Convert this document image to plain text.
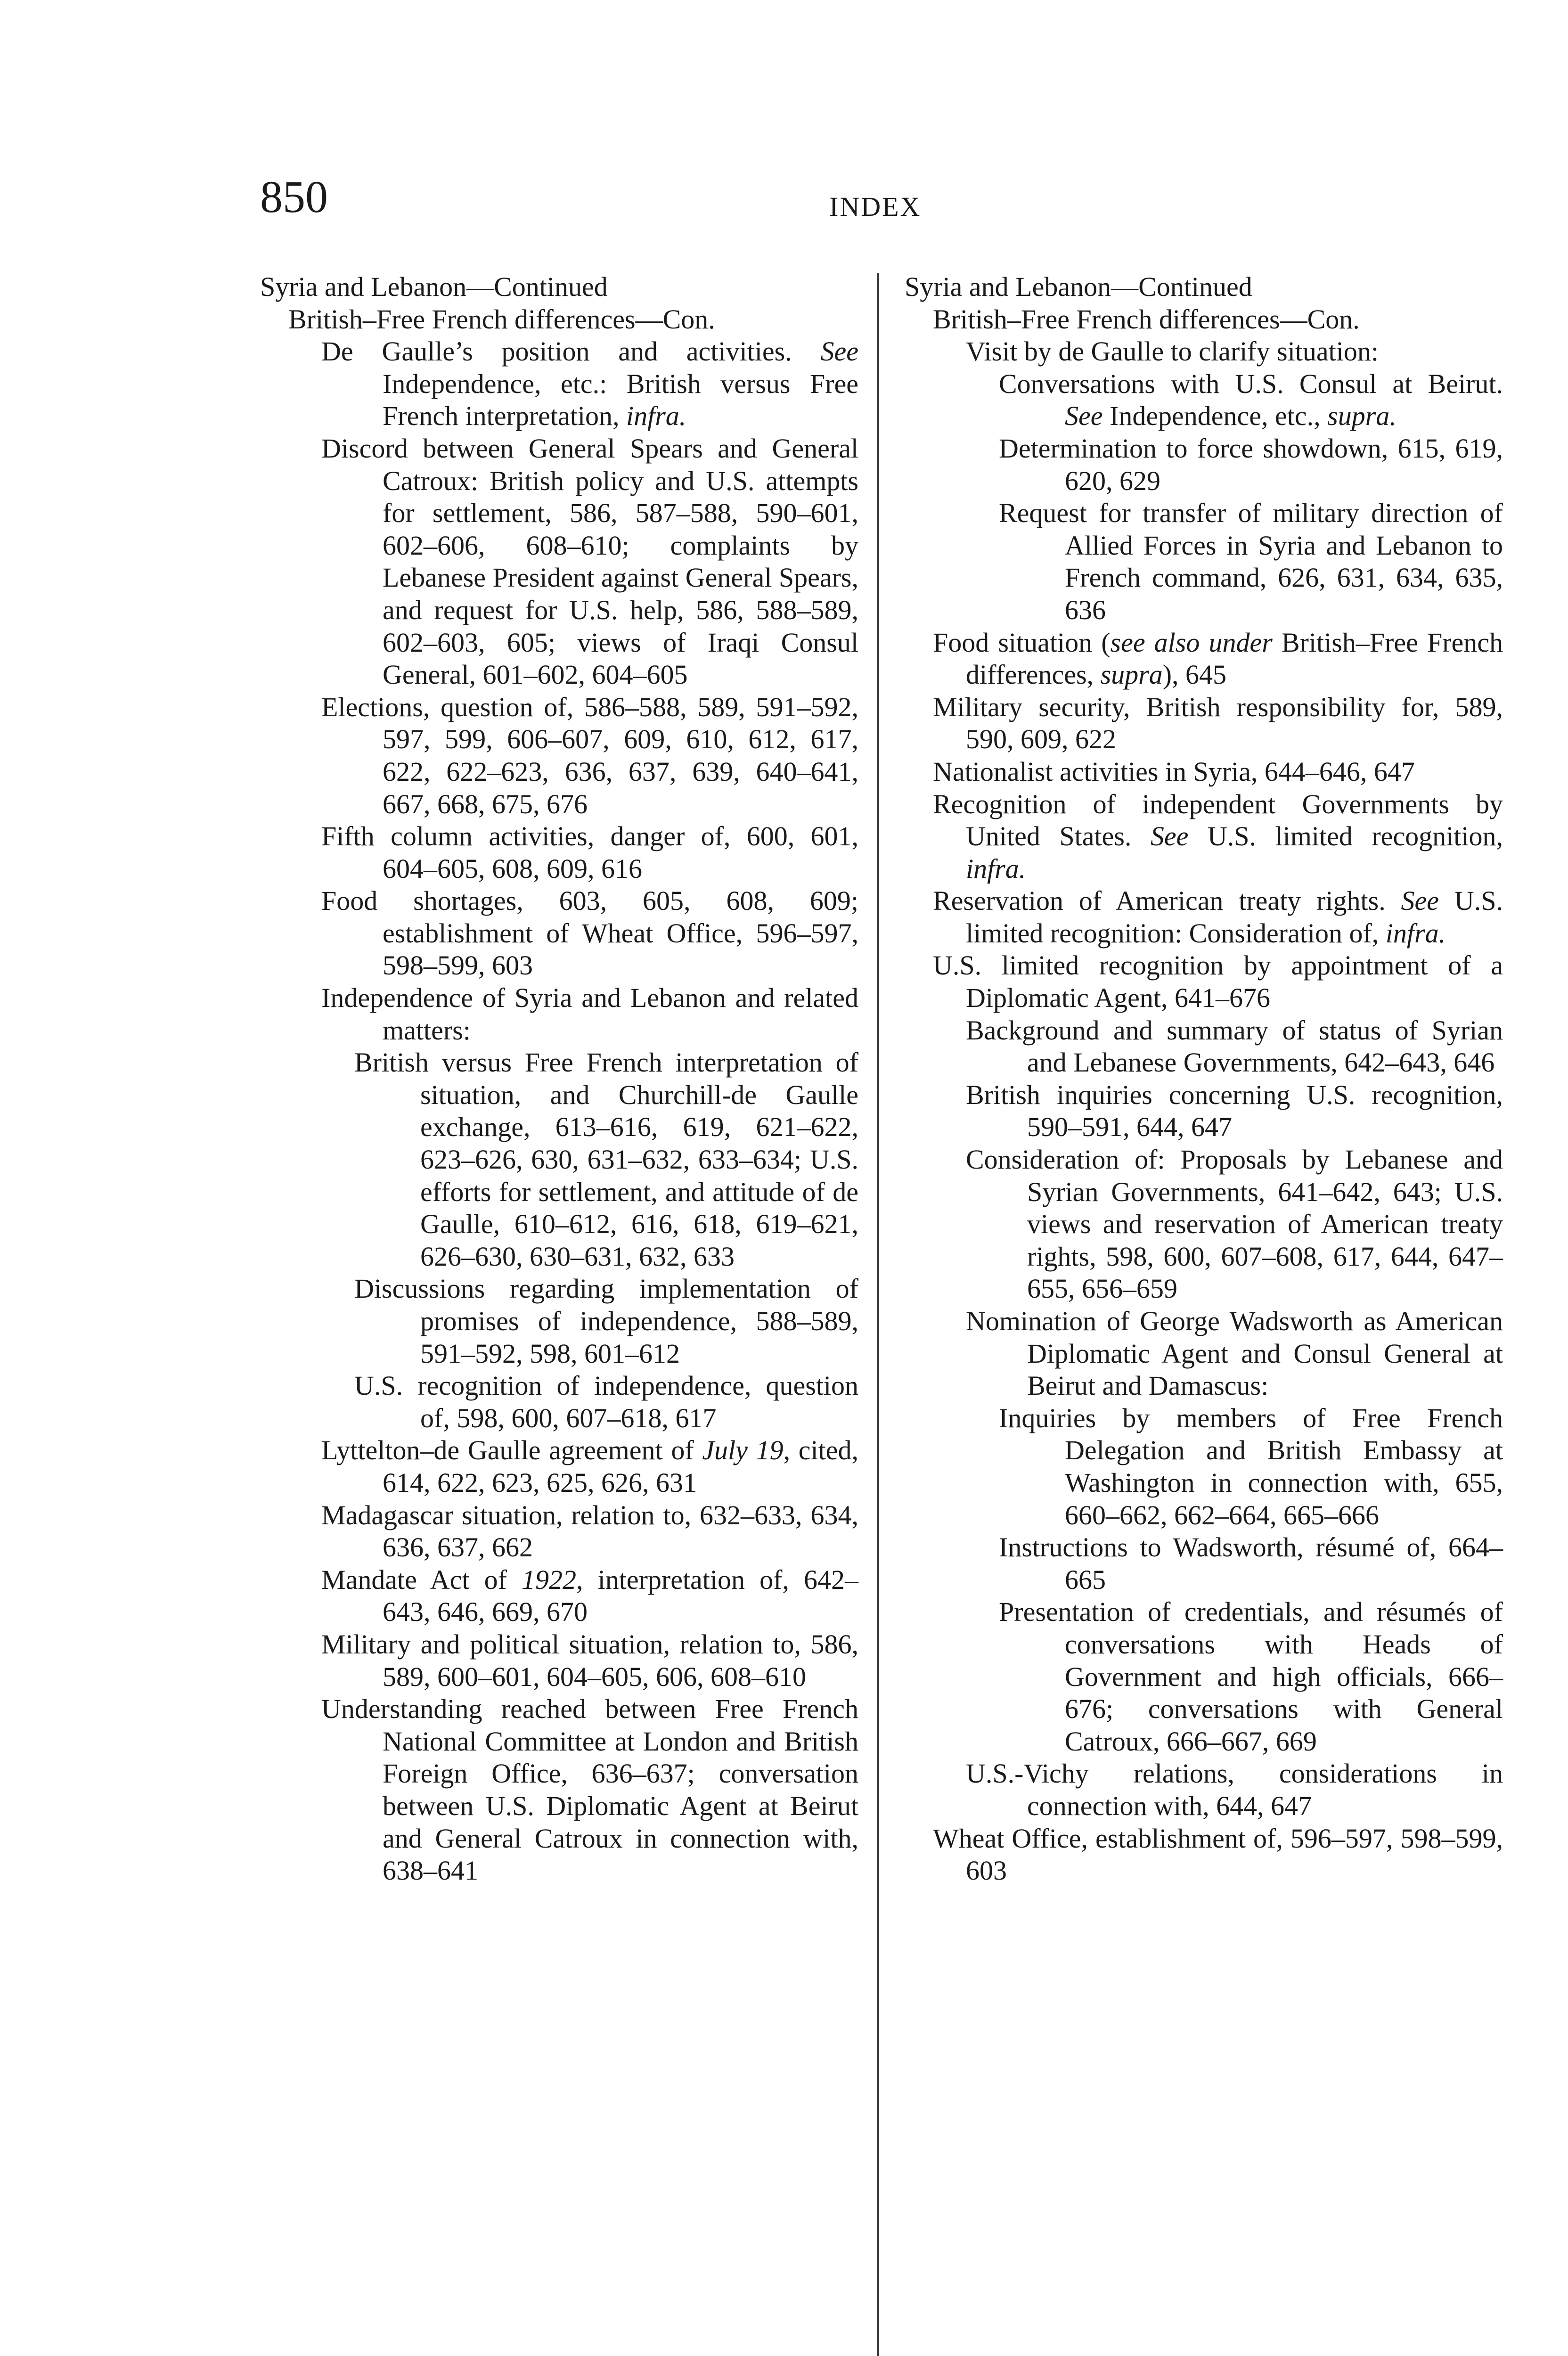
850	INDEX
Syria and Lebanon—Continued
British–Free French differences—Con.
De Gaulle’s position and activities. See Independence, etc.: British versus Free French interpretation, infra.
Discord between General Spears and General Catroux: British policy and U.S. attempts for settlement, 586, 587–588, 590–601, 602–606, 608–610; complaints by Lebanese President against General Spears, and request for U.S. help, 586, 588–589, 602–603, 605; views of Iraqi Consul General, 601–602, 604–605
Elections, question of, 586–588, 589, 591–592, 597, 599, 606–607, 609, 610, 612, 617, 622, 622–623, 636, 637, 639, 640–641, 667, 668, 675, 676
Fifth column activities, danger of, 600, 601, 604–605, 608, 609, 616
Food shortages, 603, 605, 608, 609; establishment of Wheat Office, 596–597, 598–599, 603
Independence of Syria and Lebanon and related matters:
British versus Free French interpretation of situation, and Churchill-de Gaulle exchange, 613–616, 619, 621–622, 623–626, 630, 631–632, 633–634; U.S. efforts for settlement, and attitude of de Gaulle, 610–612, 616, 618, 619–621, 626–630, 630–631, 632, 633
Discussions regarding implementation of promises of independence, 588–589, 591–592, 598, 601–612
U.S. recognition of independence, question of, 598, 600, 607–618, 617
Lyttelton–de Gaulle agreement of July 19, cited, 614, 622, 623, 625, 626, 631
Madagascar situation, relation to, 632–633, 634, 636, 637, 662
Mandate Act of 1922, interpretation of, 642–643, 646, 669, 670
Military and political situation, relation to, 586, 589, 600–601, 604–605, 606, 608–610
Understanding reached between Free French National Committee at London and British Foreign Office, 636–637; conversation between U.S. Diplomatic Agent at Beirut and General Catroux in connection with, 638–641
Syria and Lebanon—Continued
British–Free French differences—Con.
Visit by de Gaulle to clarify situation:
Conversations with U.S. Consul at Beirut. See Independence, etc., supra.
Determination to force showdown, 615, 619, 620, 629
Request for transfer of military direction of Allied Forces in Syria and Lebanon to French command, 626, 631, 634, 635, 636
Food situation (see also under British–Free French differences, supra), 645
Military security, British responsibility for, 589, 590, 609, 622
Nationalist activities in Syria, 644–646, 647
Recognition of independent Governments by United States. See U.S. limited recognition, infra.
Reservation of American treaty rights. See U.S. limited recognition: Consideration of, infra.
U.S. limited recognition by appointment of a Diplomatic Agent, 641–676
Background and summary of status of Syrian and Lebanese Governments, 642–643, 646
British inquiries concerning U.S. recognition, 590–591, 644, 647
Consideration of: Proposals by Lebanese and Syrian Governments, 641–642, 643; U.S. views and reservation of American treaty rights, 598, 600, 607–608, 617, 644, 647–655, 656–659
Nomination of George Wadsworth as American Diplomatic Agent and Consul General at Beirut and Damascus:
Inquiries by members of Free French Delegation and British Embassy at Washington in connection with, 655, 660–662, 662–664, 665–666
Instructions to Wadsworth, résumé of, 664–665
Presentation of credentials, and résumés of conversations with Heads of Government and high officials, 666–676; conversations with General Catroux, 666–667, 669
U.S.-Vichy relations, considerations in connection with, 644, 647
Wheat Office, establishment of, 596–597, 598–599, 603
